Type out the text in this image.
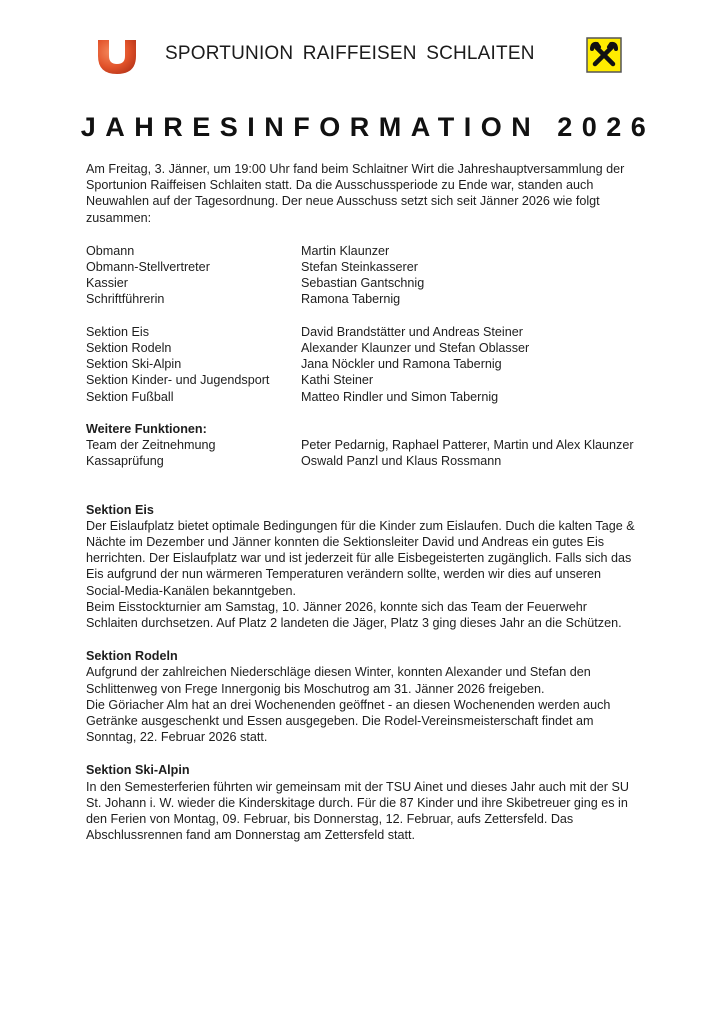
SPORTUNION RAIFFEISEN SCHLAITEN
JAHRESINFORMATION 2026

Am Freitag, 3. Jänner, um 19:00 Uhr fand beim Schlaitner Wirt die Jahreshauptversammlung der Sportunion Raiffeisen Schlaiten statt. Da die Ausschussperiode zu Ende war, standen auch Neuwahlen auf der Tagesordnung. Der neue Ausschuss setzt sich seit Jänner 2026 wie folgt zusammen:

Obmann	Martin Klaunzer
Obmann-Stellvertreter	Stefan Steinkasserer
Kassier	Sebastian Gantschnig
Schriftführerin	Ramona Tabernig
Sektion Eis	David Brandstätter und Andreas Steiner
Sektion Rodeln	Alexander Klaunzer und Stefan Oblasser
Sektion Ski-Alpin	Jana Nöckler und Ramona Tabernig
Sektion Kinder- und Jugendsport	Kathi Steiner
Sektion Fußball	Matteo Rindler und Simon Tabernig
Weitere Funktionen:
Team der Zeitnehmung	Peter Pedarnig, Raphael Patterer, Martin und Alex Klaunzer
Kassaprüfung	Oswald Panzl und Klaus Rossmann
Sektion Eis

Der Eislaufplatz bietet optimale Bedingungen für die Kinder zum Eislaufen. Duch die kalten Tage & Nächte im Dezember und Jänner konnten die Sektionsleiter David und Andreas ein gutes Eis herrichten. Der Eislaufplatz war und ist jederzeit für alle Eisbegeisterten zugänglich. Falls sich das Eis aufgrund der nun wärmeren Temperaturen verändern sollte, werden wir dies auf unseren Social-Media-Kanälen bekanntgeben.

Beim Eisstockturnier am Samstag, 10. Jänner 2026, konnte sich das Team der Feuerwehr Schlaiten durchsetzen. Auf Platz 2 landeten die Jäger, Platz 3 ging dieses Jahr an die Schützen.

Sektion Rodeln

Aufgrund der zahlreichen Niederschläge diesen Winter, konnten Alexander und Stefan den Schlittenweg von Frege Innergonig bis Moschutrog am 31. Jänner 2026 freigeben.

Die Göriacher Alm hat an drei Wochenenden geöffnet - an diesen Wochenenden werden auch Getränke ausgeschenkt und Essen ausgegeben. Die Rodel-Vereinsmeisterschaft findet am Sonntag, 22. Februar 2026 statt.

Sektion Ski-Alpin

In den Semesterferien führten wir gemeinsam mit der TSU Ainet und dieses Jahr auch mit der SU St. Johann i. W. wieder die Kinderskitage durch. Für die 87 Kinder und ihre Skibetreuer ging es in den Ferien von Montag, 09. Februar, bis Donnerstag, 12. Februar, aufs Zettersfeld. Das Abschlussrennen fand am Donnerstag am Zettersfeld statt.
